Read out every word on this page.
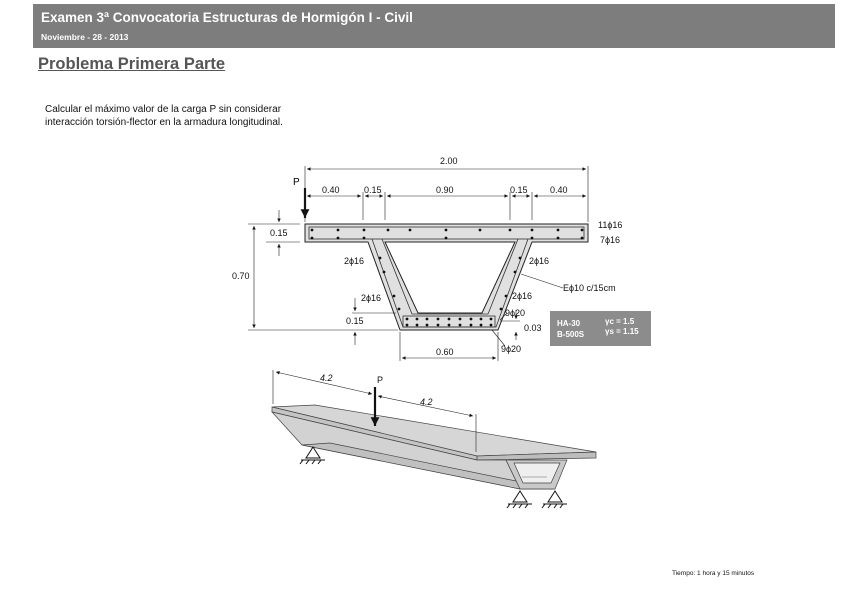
Examen 3ª Convocatoria Estructuras de Hormigón I - Civil
Noviembre - 28 - 2013
Problema Primera Parte
Calcular el máximo valor de la carga P sin considerar interacción torsión-flector en la armadura longitudinal.
P
2.00
0.40	0.15	0.90	0.15 0.40
0.15
0.70
0.15
0.03
0.60
11ϕ16
7ϕ16
2ϕ16
2ϕ16
2ϕ16
2ϕ16
Eϕ10 c/15cm
9ϕ20
9ϕ20
HA-30
B-500S
γc = 1.5
γs = 1.15
4.2
4.2
P
Tiempo: 1 hora y 15 minutos
